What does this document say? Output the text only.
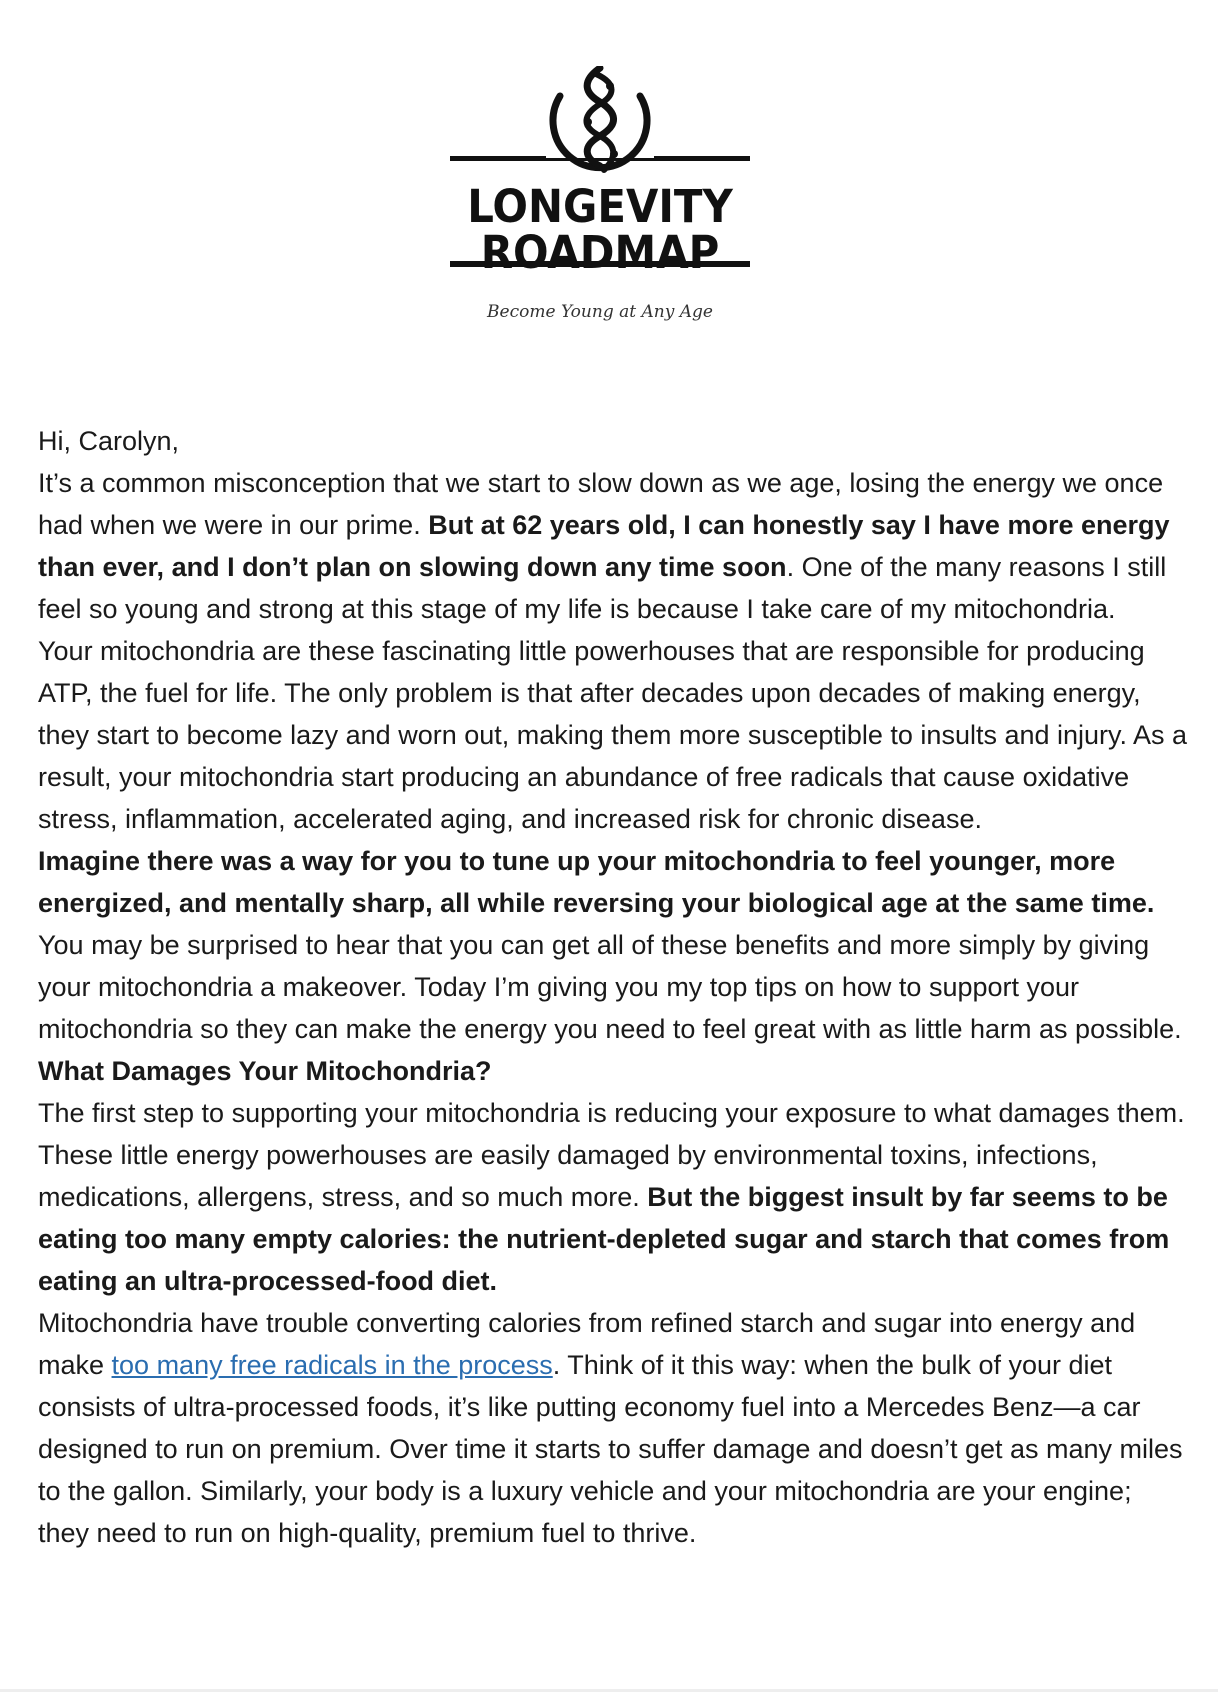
LONGEVITY
ROADMAP
Become Young at Any Age

Hi, Carolyn,

It’s a common misconception that we start to slow down as we age, losing the energy we once had when we were in our prime. But at 62 years old, I can honestly say I have more energy than ever, and I don’t plan on slowing down any time soon. One of the many reasons I still feel so young and strong at this stage of my life is because I take care of my mitochondria.

Your mitochondria are these fascinating little powerhouses that are responsible for producing ATP, the fuel for life. The only problem is that after decades upon decades of making energy, they start to become lazy and worn out, making them more susceptible to insults and injury. As a result, your mitochondria start producing an abundance of free radicals that cause oxidative stress, inflammation, accelerated aging, and increased risk for chronic disease.

Imagine there was a way for you to tune up your mitochondria to feel younger, more energized, and mentally sharp, all while reversing your biological age at the same time. You may be surprised to hear that you can get all of these benefits and more simply by giving your mitochondria a makeover. Today I’m giving you my top tips on how to support your mitochondria so they can make the energy you need to feel great with as little harm as possible.

What Damages Your Mitochondria?

The first step to supporting your mitochondria is reducing your exposure to what damages them. These little energy powerhouses are easily damaged by environmental toxins, infections, medications, allergens, stress, and so much more. But the biggest insult by far seems to be eating too many empty calories: the nutrient-depleted sugar and starch that comes from eating an ultra-processed-food diet.

Mitochondria have trouble converting calories from refined starch and sugar into energy and make too many free radicals in the process. Think of it this way: when the bulk of your diet consists of ultra-processed foods, it’s like putting economy fuel into a Mercedes Benz—a car designed to run on premium. Over time it starts to suffer damage and doesn’t get as many miles to the gallon. Similarly, your body is a luxury vehicle and your mitochondria are your engine; they need to run on high-quality, premium fuel to thrive.
